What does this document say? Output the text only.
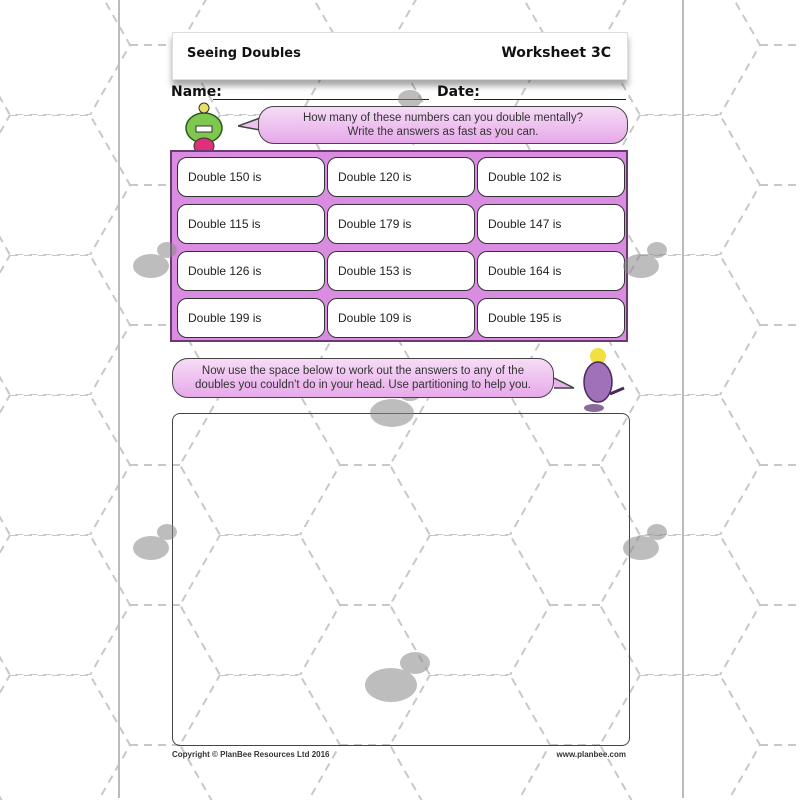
Seeing Doubles	Worksheet 3C
Name:	Date:
How many of these numbers can you double mentally?
Write the answers as fast as you can.
Double 150 is	Double 120 is	Double 102 is
Double 115 is	Double 179 is	Double 147 is
Double 126 is	Double 153 is	Double 164 is
Double 199 is	Double 109 is	Double 195 is
Now use the space below to work out the answers to any of the
doubles you couldn't do in your head. Use partitioning to help you.
Copyright © PlanBee Resources Ltd 2016	www.planbee.com
